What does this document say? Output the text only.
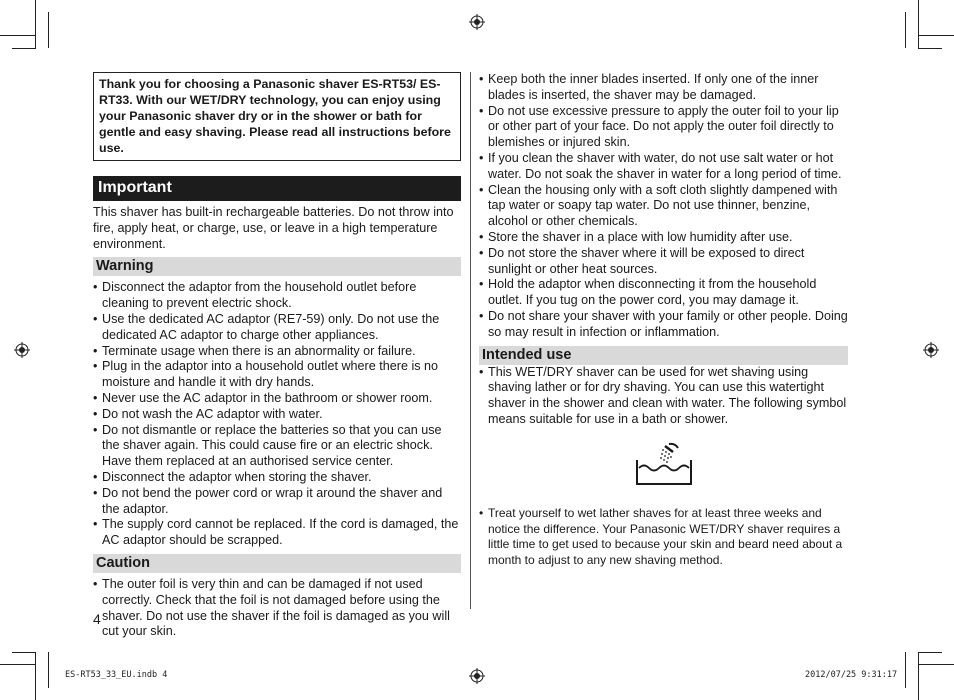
Thank you for choosing a Panasonic shaver ES-RT53/ ES-RT33. With our WET/DRY technology, you can enjoy using your Panasonic shaver dry or in the shower or bath for gentle and easy shaving. Please read all instructions before use.
Important

This shaver has built-in rechargeable batteries. Do not throw into fire, apply heat, or charge, use, or leave in a high temperature environment.

Warning
• Disconnect the adaptor from the household outlet before cleaning to prevent electric shock.
• Use the dedicated AC adaptor (RE7-59) only. Do not use the dedicated AC adaptor to charge other appliances.
• Terminate usage when there is an abnormality or failure.
• Plug in the adaptor into a household outlet where there is no moisture and handle it with dry hands.
• Never use the AC adaptor in the bathroom or shower room.
• Do not wash the AC adaptor with water.
• Do not dismantle or replace the batteries so that you can use the shaver again. This could cause fire or an electric shock. Have them replaced at an authorised service center.
• Disconnect the adaptor when storing the shaver.
• Do not bend the power cord or wrap it around the shaver and the adaptor.
• The supply cord cannot be replaced. If the cord is damaged, the AC adaptor should be scrapped.
Caution
• The outer foil is very thin and can be damaged if not used correctly. Check that the foil is not damaged before using the shaver. Do not use the shaver if the foil is damaged as you will cut your skin.
4
• Keep both the inner blades inserted. If only one of the inner blades is inserted, the shaver may be damaged.
• Do not use excessive pressure to apply the outer foil to your lip or other part of your face. Do not apply the outer foil directly to blemishes or injured skin.
• If you clean the shaver with water, do not use salt water or hot water. Do not soak the shaver in water for a long period of time.
• Clean the housing only with a soft cloth slightly dampened with tap water or soapy tap water. Do not use thinner, benzine, alcohol or other chemicals.
• Store the shaver in a place with low humidity after use.
• Do not store the shaver where it will be exposed to direct sunlight or other heat sources.
• Hold the adaptor when disconnecting it from the household outlet. If you tug on the power cord, you may damage it.
• Do not share your shaver with your family or other people. Doing so may result in infection or inflammation.
Intended use
• This WET/DRY shaver can be used for wet shaving using shaving lather or for dry shaving. You can use this watertight shaver in the shower and clean with water. The following symbol means suitable for use in a bath or shower.
• Treat yourself to wet lather shaves for at least three weeks and notice the difference. Your Panasonic WET/DRY shaver requires a little time to get used to because your skin and beard need about a month to adjust to any new shaving method.
ES-RT53_33_EU.indb 4	2012/07/25 9:31:17
